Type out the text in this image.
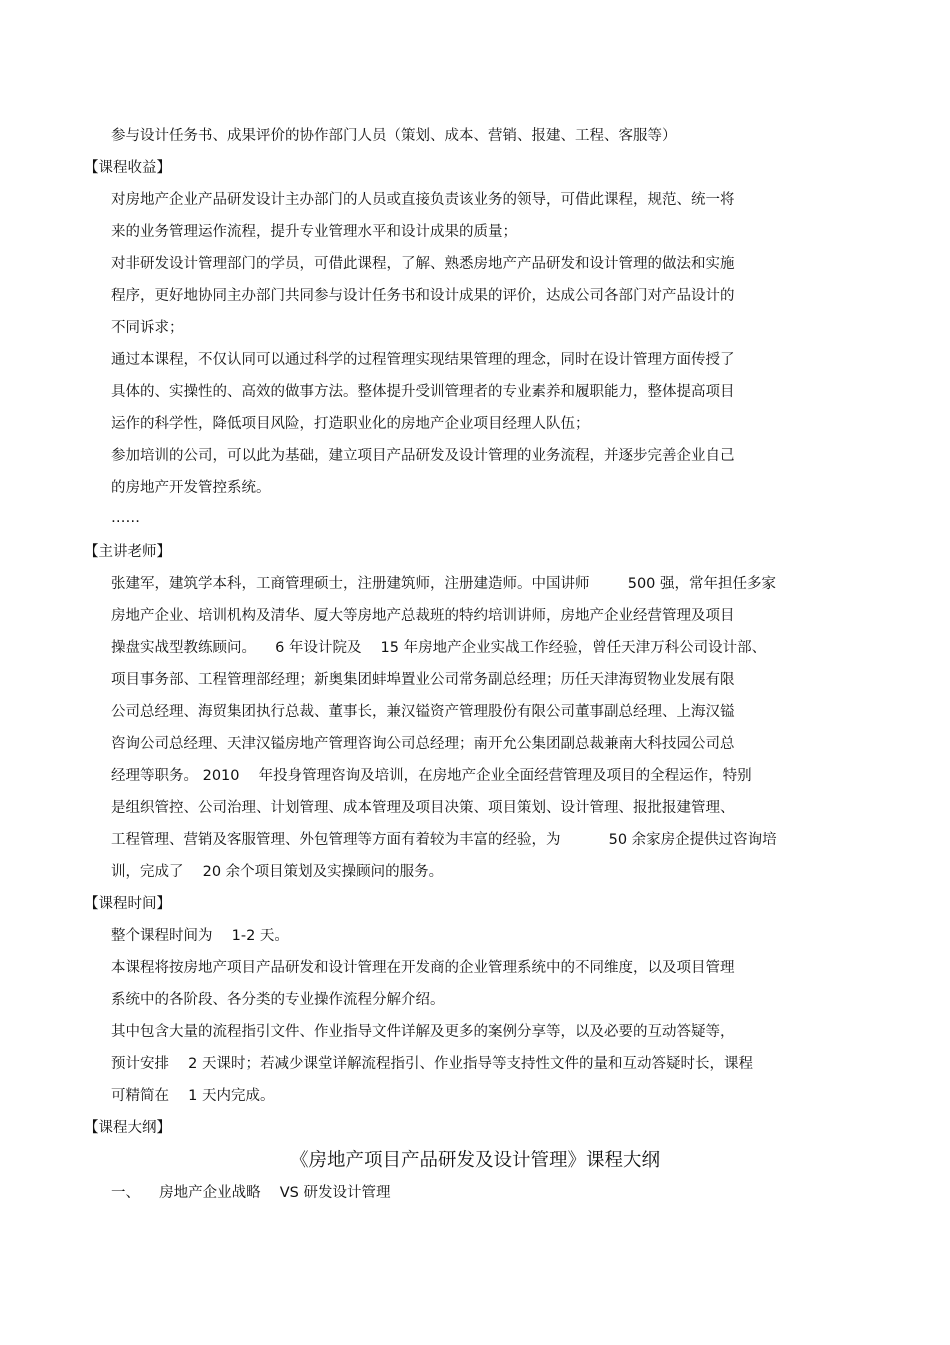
参与设计任务书、成果评价的协作部门人员（策划、成本、营销、报建、工程、客服等）

【课程收益】

对房地产企业产品研发设计主办部门的人员或直接负责该业务的领导，可借此课程，规范、统一将

来的业务管理运作流程，提升专业管理水平和设计成果的质量；

对非研发设计管理部门的学员，可借此课程，了解、熟悉房地产产品研发和设计管理的做法和实施

程序，更好地协同主办部门共同参与设计任务书和设计成果的评价，达成公司各部门对产品设计的

不同诉求；

通过本课程，不仅认同可以通过科学的过程管理实现结果管理的理念，同时在设计管理方面传授了

具体的、实操性的、高效的做事方法。整体提升受训管理者的专业素养和履职能力，整体提高项目

运作的科学性，降低项目风险，打造职业化的房地产企业项目经理人队伍；

参加培训的公司，可以此为基础，建立项目产品研发及设计管理的业务流程，并逐步完善企业自己

的房地产开发管控系统。

……

【主讲老师】

张建军，建筑学本科，工商管理硕士，注册建筑师，注册建造师。中国讲师 　　 500 强，常年担任多家

房地产企业、培训机构及清华、厦大等房地产总裁班的特约培训讲师，房地产企业经营管理及项目

操盘实战型教练顾问。 　6 年设计院及 　15 年房地产企业实战工作经验，曾任天津万科公司设计部、

项目事务部、工程管理部经理；新奥集团蚌埠置业公司常务副总经理；历任天津海贸物业发展有限

公司总经理、海贸集团执行总裁、董事长，兼汉镒资产管理股份有限公司董事副总经理、上海汉镒

咨询公司总经理、天津汉镒房地产管理咨询公司总经理；南开允公集团副总裁兼南大科技园公司总

经理等职务。 2010 　年投身管理咨询及培训，在房地产企业全面经营管理及项目的全程运作，特别

是组织管控、公司治理、计划管理、成本管理及项目决策、项目策划、设计管理、报批报建管理、

工程管理、营销及客服管理、外包管理等方面有着较为丰富的经验，为 　　　50 余家房企提供过咨询培

训，完成了 　20 余个项目策划及实操顾问的服务。

【课程时间】

整个课程时间为 　1-2 天。

本课程将按房地产项目产品研发和设计管理在开发商的企业管理系统中的不同维度，以及项目管理

系统中的各阶段、各分类的专业操作流程分解介绍。

其中包含大量的流程指引文件、作业指导文件详解及更多的案例分享等，以及必要的互动答疑等，

预计安排 　2 天课时；若减少课堂详解流程指引、作业指导等支持性文件的量和互动答疑时长，课程

可精简在 　1 天内完成。

【课程大纲】

《房地产项目产品研发及设计管理》课程大纲

一、 　房地产企业战略 　VS 研发设计管理
